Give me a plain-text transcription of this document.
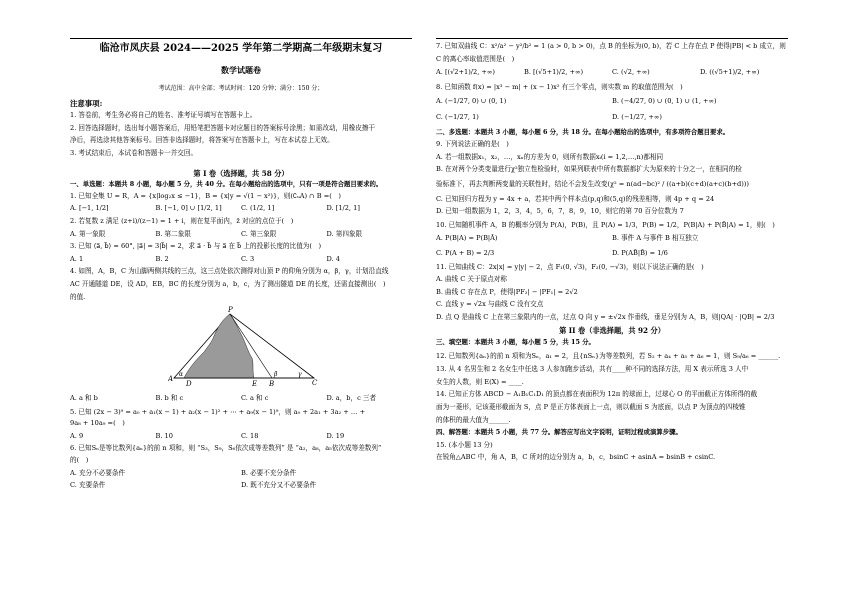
临沧市凤庆县 2024——2025 学年第二学期高二年级期末复习
数学试题卷
考试范围：高中全部；考试时间：120 分钟；满分：150 分；
注意事项:
1. 答卷前，考生务必将自己的姓名、准考证号填写在答题卡上。
2. 回答选择题时，选出每小题答案后，用铅笔把答题卡对应题目的答案标号涂黑；如需改动，用橡皮擦干
净后，再选涂其他答案标号。回答非选择题时，将答案写在答题卡上，写在本试卷上无效。
3. 考试结束后，本试卷和答题卡一并交回。
第 I 卷（选择题，共 58 分）
一、单选题：本题共 8 小题，每小题 5 分，共 40 分。在每小题给出的选项中，只有一项是符合题目要求的。
1. 已知全集 U = R，A = {x|log₂x ≤ −1}，B = {x|y = √(1 − x²)}，则(∁ᵤA) ∩ B =(　)
A. [−1, 1/2]	B. [−1, 0] ∪ [1/2, 1]	C. (1/2, 1]	D. [1/2, 1]
2. 若复数 z 满足 (z+i)/(z−1) = 1 + i，则在复平面内，z̄ 对应的点位于(　)
A. 第一象限	B. 第二象限	C. 第三象限	D. 第四象限
3. 已知 ⟨a⃗, b⃗⟩ = 60°, |a⃗| = 3|b⃗| = 2，求 a⃗ · b⃗ 与 a⃗ 在 b⃗ 上的投影长度的比值为(　)
A. 1	B. 2	C. 3	D. 4
4. 如图，A，B，C 为山脚两侧共线的三点，这三点处依次测得对山顶 P 的仰角分别为 α，β，γ，计划沿直线
AC 开通隧道 DE，设 AD，EB，BC 的长度分别为 a，b，c，为了测出隧道 DE 的长度，还需直接测出(　)
的值.
P
A
D	E B	C
α	β	γ
A. a 和 b	B. b 和 c	C. a 和 c	D. a，b，c 三者
5. 已知 (2x − 3)⁹ = a₀ + a₁(x − 1) + a₂(x − 1)² + ⋯ + a₉(x − 1)⁹，则 a₀ + 2a₁ + 3a₂ + … +
9a₈ + 10a₉ =(　)
A. 9	B. 10	C. 18	D. 19
6. 已知Sₙ是等比数列{aₙ}的前 n 项和，则 “S₃，S₉，S₆依次成等差数列” 是 “a₂，a₈，a₅依次成等差数列”
的(　)
A. 充分不必要条件	B. 必要不充分条件
C. 充要条件	D. 既不充分又不必要条件
7. 已知双曲线 C：x²/a² − y²/b² = 1 (a > 0, b > 0)，点 B 的坐标为(0, b)，若 C 上存在点 P 使得|PB| < b 成立，则
C 的离心率取值范围是(　)
A. [(√2+1)/2, +∞)	B. [(√5+1)/2, +∞)	C. (√2, +∞)	D. ((√5+1)/2, +∞)
8. 已知函数 f(x) = |x³ − m| + (x − 1)x² 有三个零点，则实数 m 的取值范围为(　)
A. (−1/27, 0) ∪ (0, 1)	B. (−4/27, 0) ∪ (0, 1) ∪ (1, +∞)
C. (−1/27, 1)	D. (−1/27, +∞)
二、多选题：本题共 3 小题，每小题 6 分，共 18 分。在每小题给出的选项中，有多项符合题目要求。
9. 下列说法正确的是(　)
A. 若一组数据x₁，x₂，…，xₙ的方差为 0，则所有数据xᵢ(i = 1,2,…,n)都相同
B. 在对两个分类变量进行χ²独立性检验时，如果列联表中所有数据都扩大为原来的十分之一，在相同的检
验标准下，再去判断两变量的关联性时，结论不会发生改变(χ² = n(ad−bc)² / ((a+b)(c+d)(a+c)(b+d)))
C. 已知回归方程为 y = 4x + a，若其中两个样本点(p,q)和(5,q)的残差相等，则 4p + q = 24
D. 已知一组数据为 1，2，3，4，5，6，7，8，9，10，则它的第 70 百分位数为 7
10. 已知随机事件 A，B 的概率分别为 P(A)，P(B)，且 P(A) = 1/3，P(B) = 1/2，P(B|A) + P(B̄|A) = 1，则(　)
A. P(B|A) = P(B|Ā)	B. 事件 A 与事件 B 相互独立
C. P(A + B) = 2/3	D. P(AB̄|B̄) = 1/6
11. 已知曲线 C：2x|x| = y|y| − 2，点 F₁(0, √3)，F₂(0, −√3)，则以下说法正确的是(　)
A. 曲线 C 关于原点对称
B. 曲线 C 存在点 P，使得|PF₂| − |PF₁| = 2√2
C. 直线 y = √2x 与曲线 C 没有交点
D. 点 Q 是曲线 C 上在第三象限内的一点，过点 Q 向 y = ±√2x 作垂线，垂足分别为 A，B，则|QA| · |QB| = 2/3
第 II 卷（非选择题，共 92 分）
三、填空题：本题共 3 小题，每小题 5 分，共 15 分。
12. 已知数列{aₙ}的前 n 项和为Sₙ，a₁ = 2，且{nSₙ}为等差数列，若 S₂ + a₄ + a₅ + a₆ = 1，则 S₉/a₆ = ______.
13. 从 4 名男生和 2 名女生中任选 3 人参加跑步活动，共有____种不同的选择方法，用 X 表示所选 3 人中
女生的人数，则 E(X) = ____.
14. 已知正方体 ABCD − A₁B₁C₁D₁ 的顶点都在表面积为 12π 的球面上，过球心 O 的平面截正方体所得的截
面为一菱形，记该菱形截面为 S，点 P 是正方体表面上一点，则以截面 S 为底面，以点 P 为顶点的四棱锥
的体积的最大值为______.
四、解答题：本题共 5 小题，共 77 分。解答应写出文字说明，证明过程或演算步骤。
15. (本小题 13 分)
在锐角△ABC 中，角 A，B，C 所对的边分别为 a，b，c，bsinC + asinA = bsinB + csinC.
